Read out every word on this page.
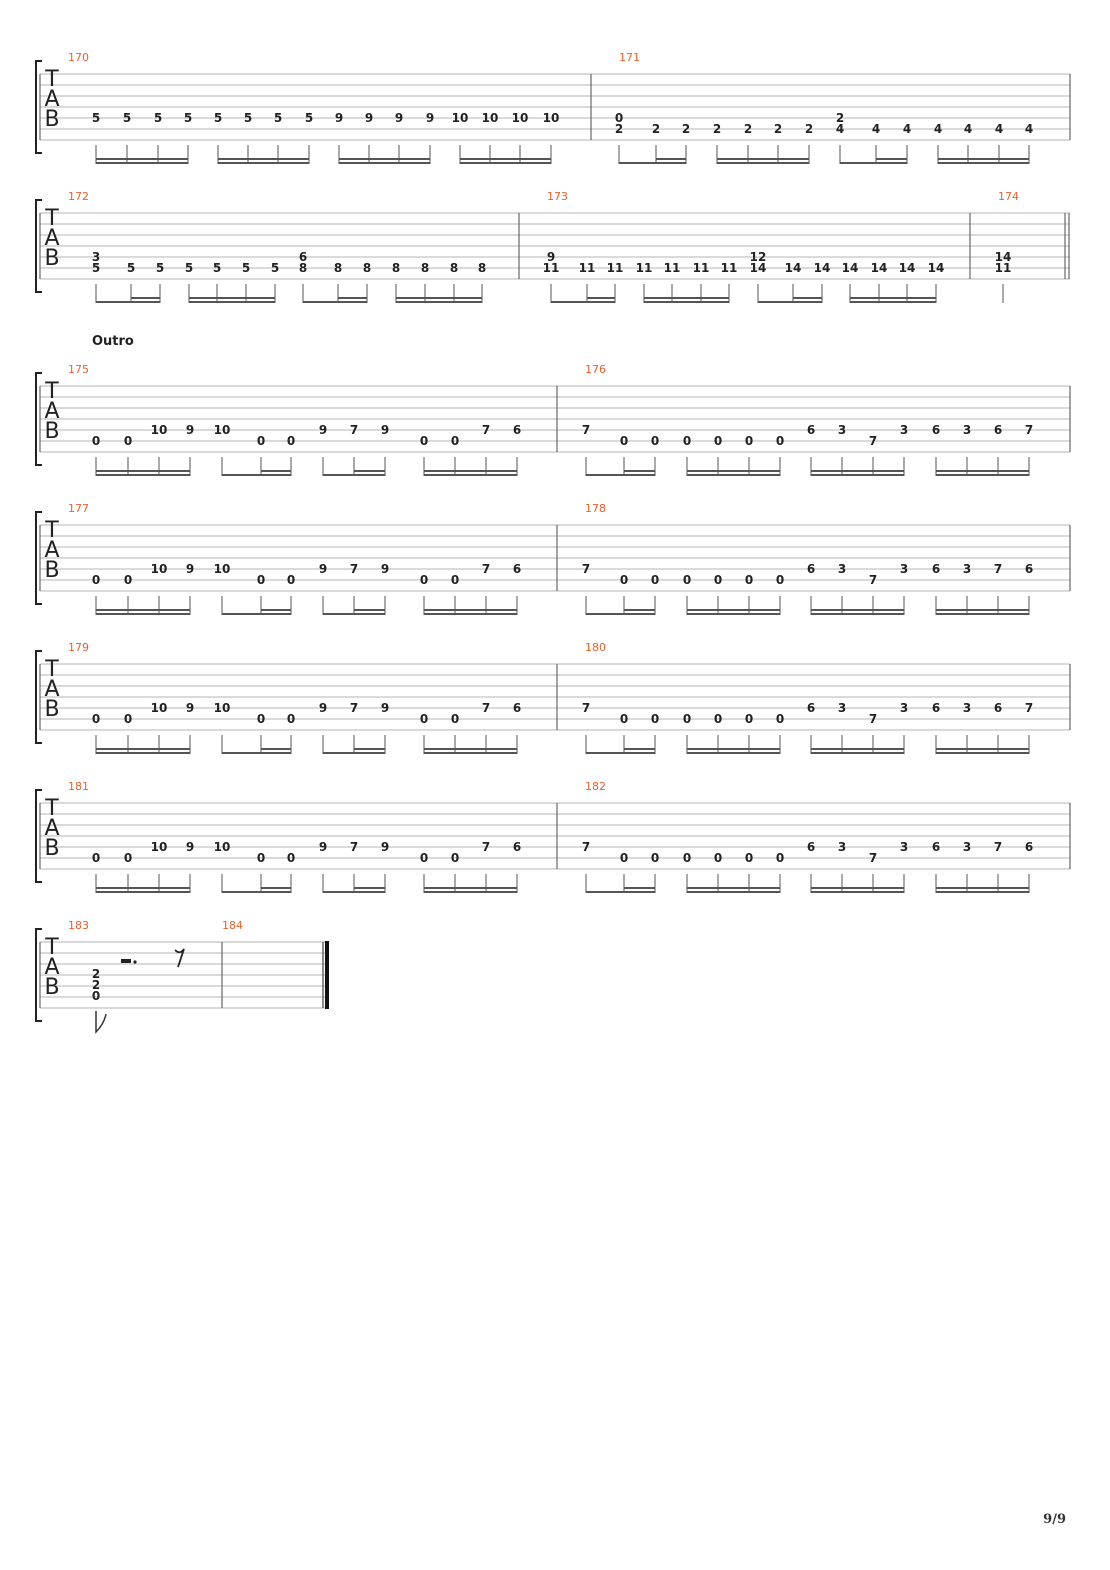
T
A
B
170
5 5 5 5 5 5 5 5 9 9 9 9 10 10 10 10
171
0
2 2 2 2 2 2 2
2
4 4 4 4 4 4 4
T
A
B
172
3
5 5 5 5 5 5 5
6
8 8 8 8 8 8 8
173
9
11 11 11 11 11 11 11
12
14 14 14 14 14 14 14
174
14
11
T
A
B
Outro
175
0 0
10 9 10
0 0
9 7 9
0 0
7 6
176
7
0 0 0 0 0 0
6 3
7
3 6 3 6 7
T
A
B
177
0 0
10 9 10
0 0
9 7 9
0 0
7 6
178
7
0 0 0 0 0 0
6 3
7
3 6 3 7 6
T
A
B
179
0 0
10 9 10
0 0
9 7 9
0 0
7 6
180
7
0 0 0 0 0 0
6 3
7
3 6 3 6 7
T
A
B
181
0 0
10 9 10
0 0
9 7 9
0 0
7 6
182
7
0 0 0 0 0 0
6 3
7
3 6 3 7 6
T
A
B
183	184
2
2
0
9/9
